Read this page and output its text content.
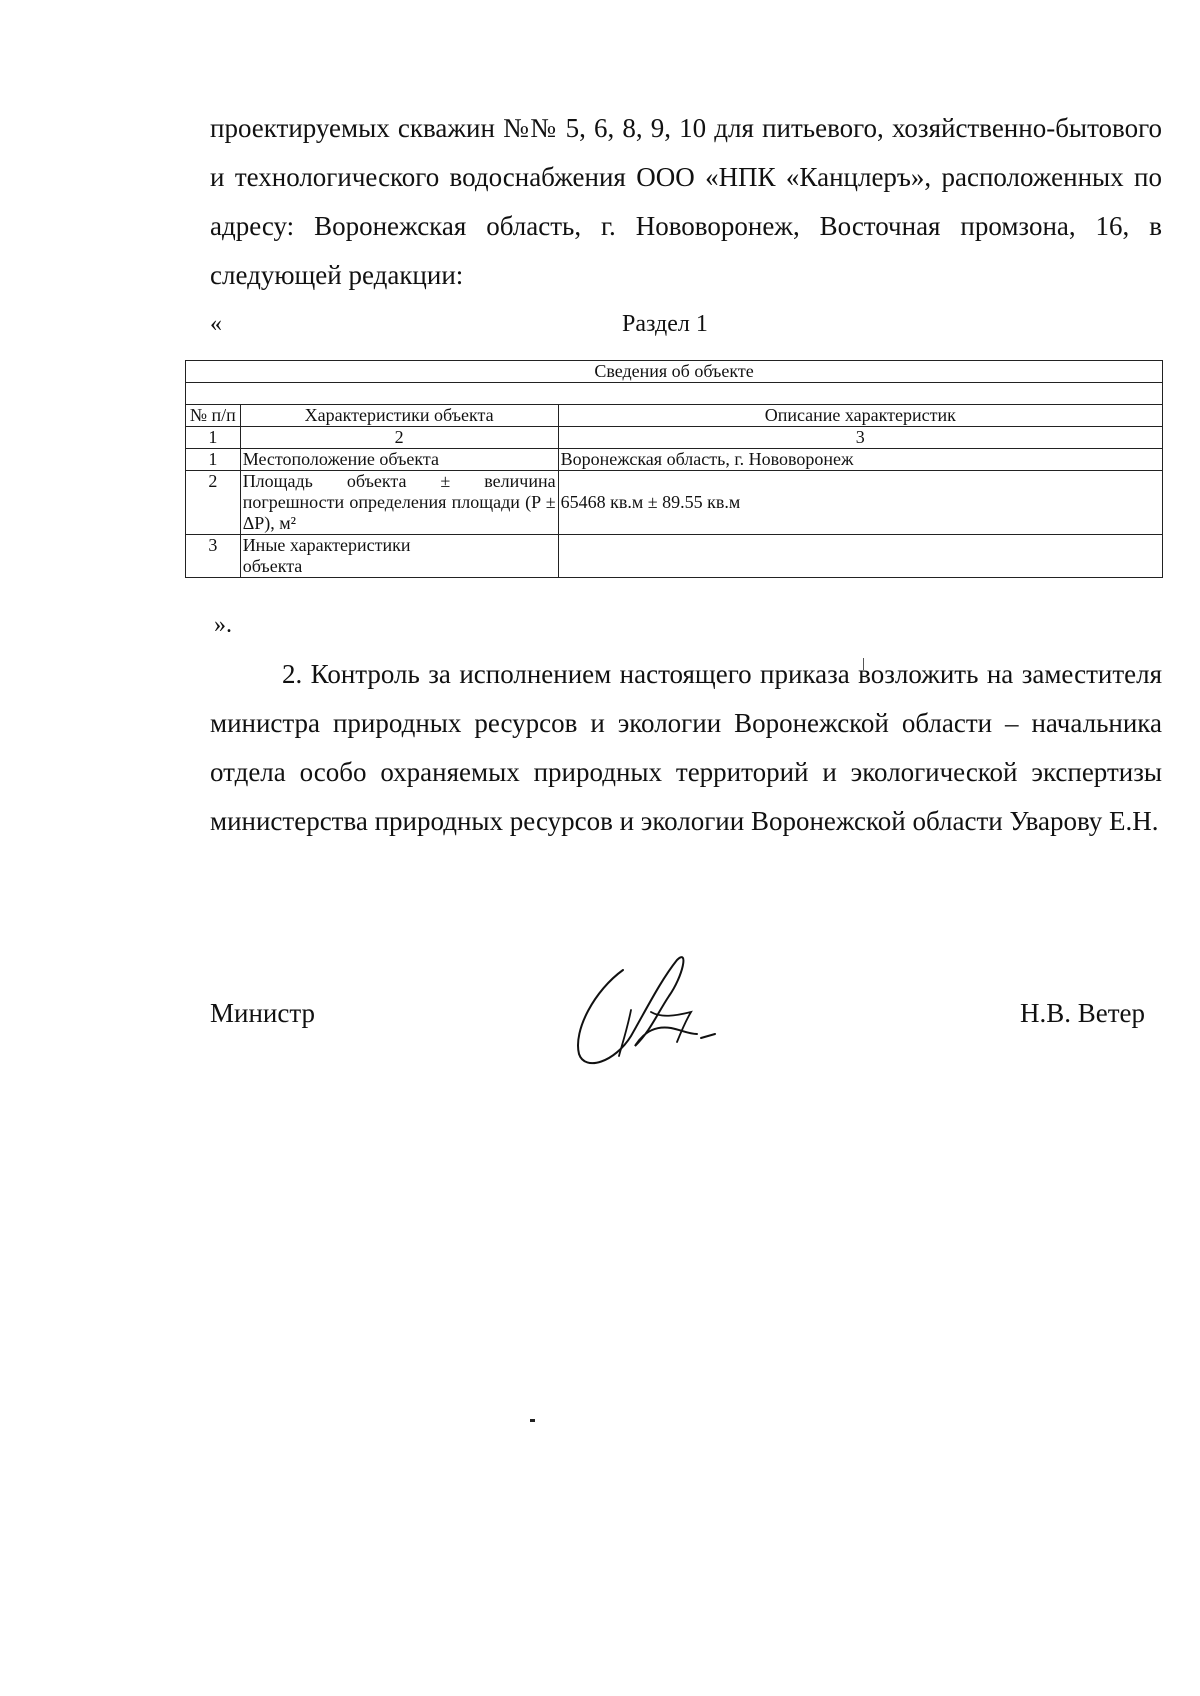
проектируемых скважин №№ 5, 6, 8, 9, 10 для питьевого, хозяйственно-бытового и технологического водоснабжения ООО «НПК «Канцлеръ», расположенных по адресу: Воронежская область, г. Нововоронеж, Восточная промзона, 16, в следующей редакции:

«	Раздел 1
Сведения об объекте		

№ п/п	Характеристики объекта	Описание характеристик
1	2	3
1	Местоположение объекта	Воронежская область, г. Нововоронеж
2	Площадь объекта ± величина погрешности определения площади (P ± ΔP), м²	65468 кв.м ± 89.55 кв.м
3	Иные характеристики объекта	
».

2. Контроль за исполнением настоящего приказа возложить на заместителя министра природных ресурсов и экологии Воронежской области – начальника отдела особо охраняемых природных территорий и экологической экспертизы министерства природных ресурсов и экологии Воронежской области Уварову Е.Н.

Министр	Н.В. Ветер
